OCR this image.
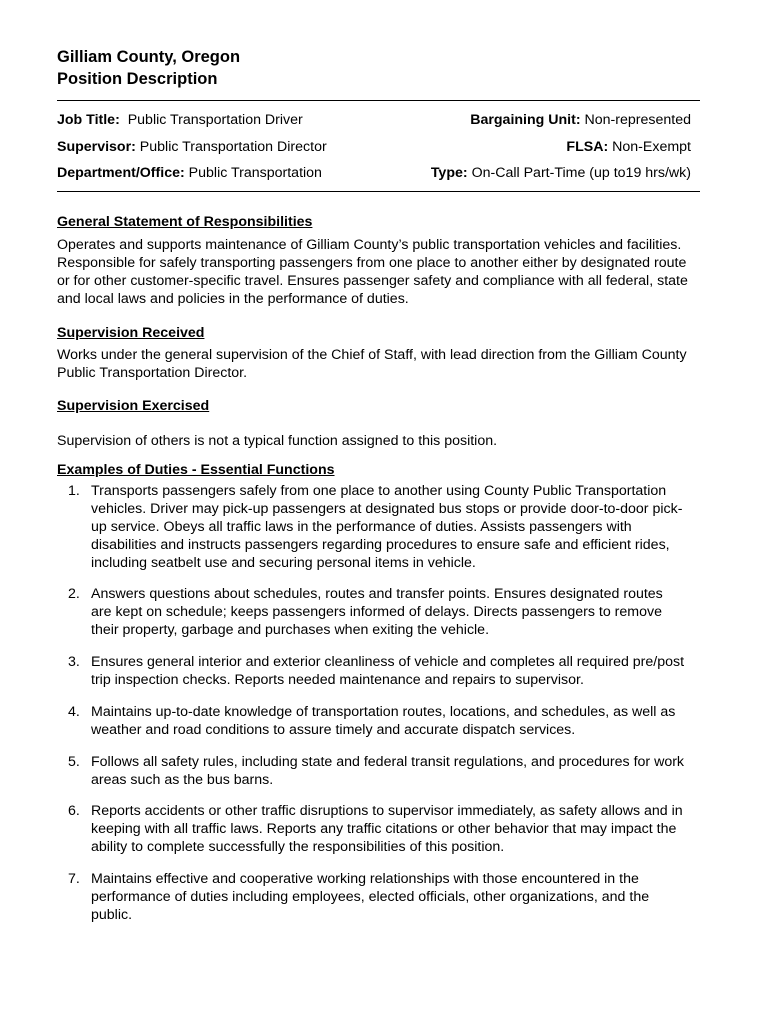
Gilliam County, Oregon
Position Description
Job Title: Public Transportation Driver	Bargaining Unit: Non-represented
Supervisor: Public Transportation Director	FLSA: Non-Exempt
Department/Office: Public Transportation	Type: On-Call Part-Time (up to19 hrs/wk)
General Statement of Responsibilities

Operates and supports maintenance of Gilliam County’s public transportation vehicles and facilities. Responsible for safely transporting passengers from one place to another either by designated route or for other customer-specific travel. Ensures passenger safety and compliance with all federal, state and local laws and policies in the performance of duties.

Supervision Received

Works under the general supervision of the Chief of Staff, with lead direction from the Gilliam County Public Transportation Director.

Supervision Exercised

Supervision of others is not a typical function assigned to this position.

Examples of Duties - Essential Functions
1. Transports passengers safely from one place to another using County Public Transportation vehicles. Driver may pick-up passengers at designated bus stops or provide door-to-door pick-up service. Obeys all traffic laws in the performance of duties. Assists passengers with disabilities and instructs passengers regarding procedures to ensure safe and efficient rides, including seatbelt use and securing personal items in vehicle.
2. Answers questions about schedules, routes and transfer points. Ensures designated routes are kept on schedule; keeps passengers informed of delays. Directs passengers to remove their property, garbage and purchases when exiting the vehicle.
3. Ensures general interior and exterior cleanliness of vehicle and completes all required pre/post trip inspection checks. Reports needed maintenance and repairs to supervisor.
4. Maintains up-to-date knowledge of transportation routes, locations, and schedules, as well as weather and road conditions to assure timely and accurate dispatch services.
5. Follows all safety rules, including state and federal transit regulations, and procedures for work areas such as the bus barns.
6. Reports accidents or other traffic disruptions to supervisor immediately, as safety allows and in keeping with all traffic laws. Reports any traffic citations or other behavior that may impact the ability to complete successfully the responsibilities of this position.
7. Maintains effective and cooperative working relationships with those encountered in the performance of duties including employees, elected officials, other organizations, and the public.
